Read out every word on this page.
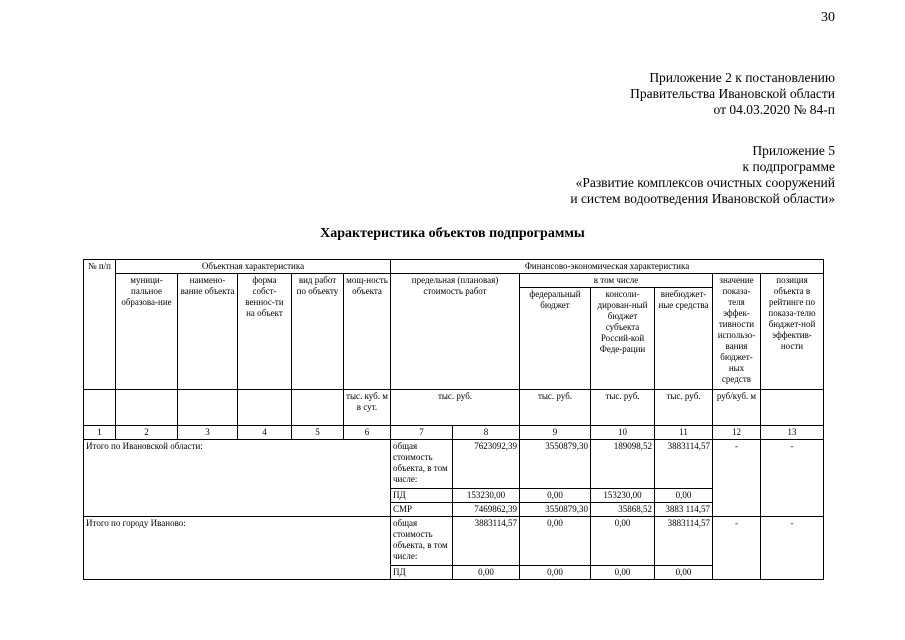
30
Приложение 2 к постановлению
Правительства Ивановской области
от 04.03.2020 № 84-п
Приложение 5
к подпрограмме
«Развитие комплексов очистных сооружений
и систем водоотведения Ивановской области»
Характеристика объектов подпрограммы
№ п/п	Объектная характеристика					Финансово-экономическая характеристика						
	муници-пальное образова-ние	наимено-вание объекта	форма собст-веннос-ти на объект	вид работ по объекту	мощ-ность объекта	предельная (плановая) стоимость работ		в том числе			значение показа-теля эффек-тивности использо-вания бюджет-ных средств	позиция объекта в рейтинге по показа-телю бюджет-ной эффектив-ности
								федеральный бюджет	консоли-дирован-ный бюджет субъекта Россий-кой Феде-рации	внебюджет-ные средства		
					тыс. куб. м в сут.	тыс. руб.		тыс. руб.	тыс. руб.	тыс. руб.	руб/куб. м	
1	2	3	4	5	6	7	8	9	10	11	12	13
Итого по Ивановской области:						общая стоимость объекта, в том числе:	7623092,39	3550879,30	189098,52	3883114,57	-	-
						ПД	153230,00	0,00	153230,00	0,00		
						СМР	7469862,39	3550879,30	35868,52	3883 114,57		
Итого по городу Иваново:						общая стоимость объекта, в том числе:	3883114,57	0,00	0,00	3883114,57	-	-
						ПД	0,00	0,00	0,00	0,00		
